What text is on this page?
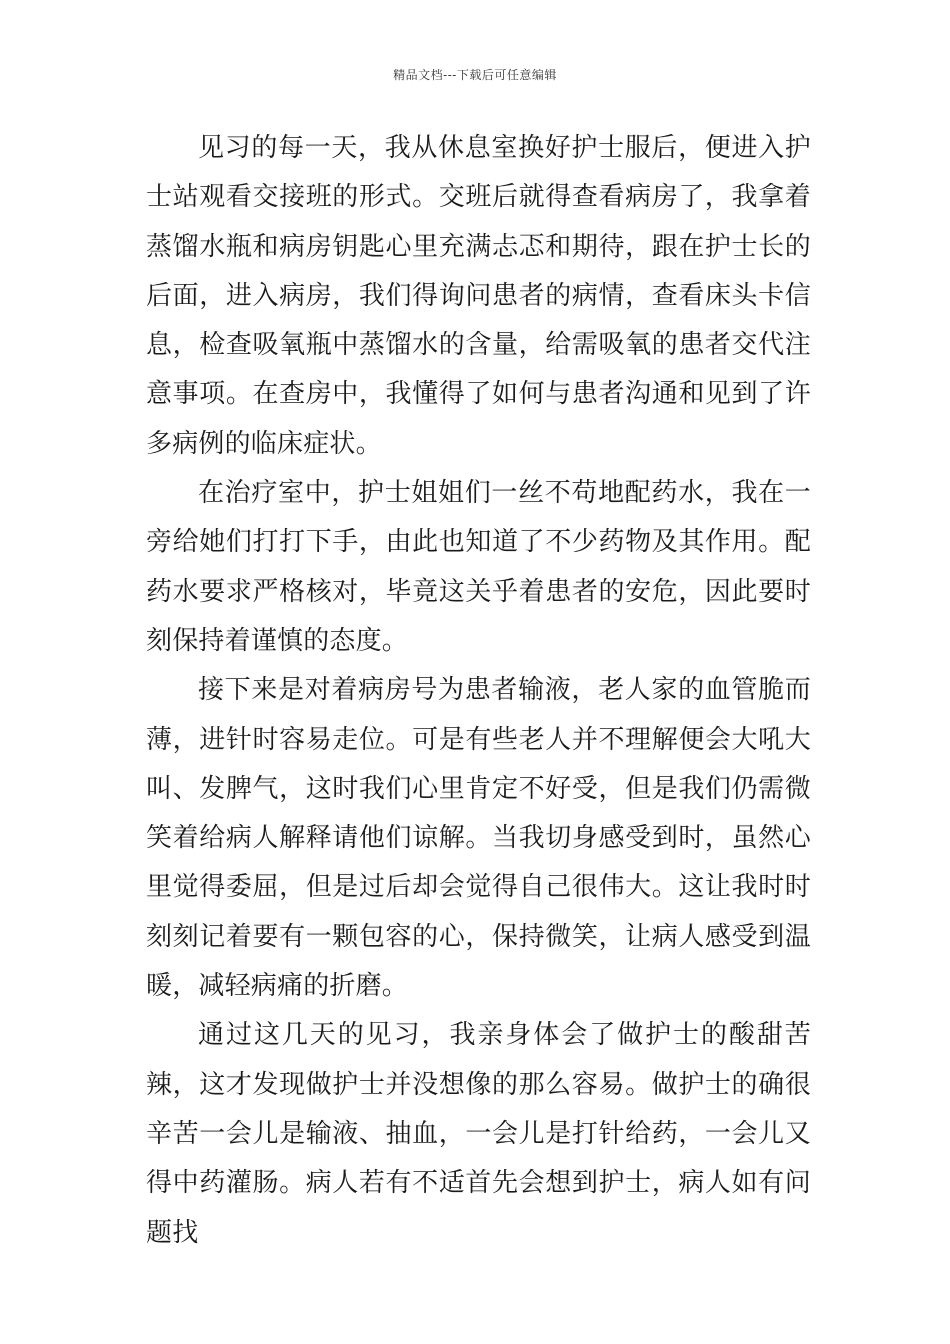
精品文档---下载后可任意编辑

见习的每一天，我从休息室换好护士服后，便进入护士站观看交接班的形式。交班后就得查看病房了，我拿着蒸馏水瓶和病房钥匙心里充满忐忑和期待，跟在护士长的后面，进入病房，我们得询问患者的病情，查看床头卡信息，检查吸氧瓶中蒸馏水的含量，给需吸氧的患者交代注意事项。在查房中，我懂得了如何与患者沟通和见到了许多病例的临床症状。

在治疗室中，护士姐姐们一丝不苟地配药水，我在一旁给她们打打下手，由此也知道了不少药物及其作用。配药水要求严格核对，毕竟这关乎着患者的安危，因此要时刻保持着谨慎的态度。

接下来是对着病房号为患者输液，老人家的血管脆而薄，进针时容易走位。可是有些老人并不理解便会大吼大叫、发脾气，这时我们心里肯定不好受，但是我们仍需微笑着给病人解释请他们谅解。当我切身感受到时，虽然心里觉得委屈，但是过后却会觉得自己很伟大。这让我时时刻刻记着要有一颗包容的心，保持微笑，让病人感受到温暖，减轻病痛的折磨。

通过这几天的见习，我亲身体会了做护士的酸甜苦辣，这才发现做护士并没想像的那么容易。做护士的确很辛苦一会儿是输液、抽血，一会儿是打针给药，一会儿又得中药灌肠。病人若有不适首先会想到护士，病人如有问题找
